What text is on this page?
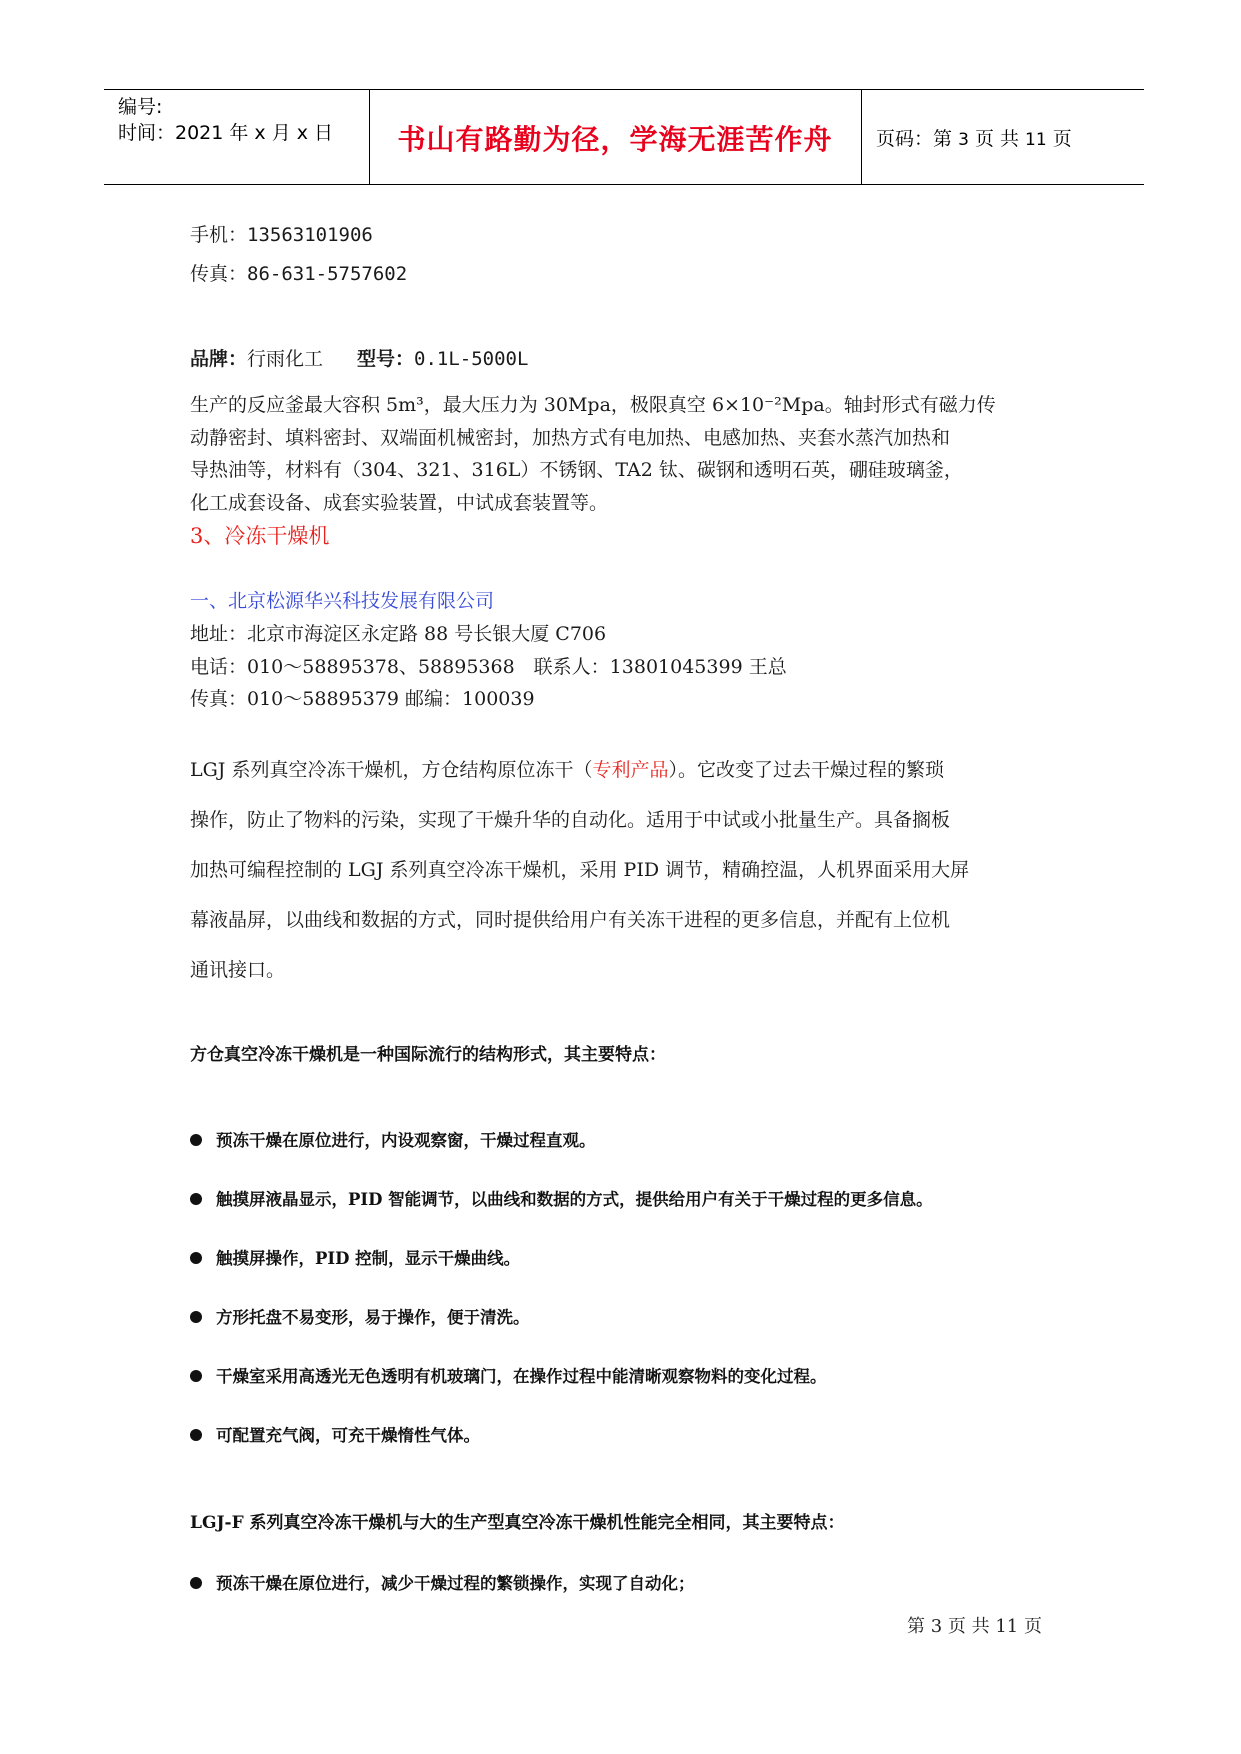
编号:
时间：2021 年 x 月 x 日	书山有路勤为径，学海无涯苦作舟	页码：第 3 页 共 11 页
手机：13563101906
传真：86-631-5757602
品牌：行雨化工 型号：0.1L-5000L
生产的反应釜最大容积 5m³，最大压力为 30Mpa，极限真空 6×10⁻²Mpa。轴封形式有磁力传
动静密封、填料密封、双端面机械密封，加热方式有电加热、电感加热、夹套水蒸汽加热和
导热油等，材料有（304、321、316L）不锈钢、TA2 钛、碳钢和透明石英，硼硅玻璃釜，
化工成套设备、成套实验装置，中试成套装置等。
3、冷冻干燥机
一、北京松源华兴科技发展有限公司
地址：北京市海淀区永定路 88 号长银大厦 C706
电话：010～58895378、58895368　联系人：13801045399 王总
传真：010～58895379 邮编：100039
LGJ 系列真空冷冻干燥机，方仓结构原位冻干（专利产品）。它改变了过去干燥过程的繁琐
操作，防止了物料的污染，实现了干燥升华的自动化。适用于中试或小批量生产。具备搁板
加热可编程控制的 LGJ 系列真空冷冻干燥机，采用 PID 调节，精确控温，人机界面采用大屏
幕液晶屏，以曲线和数据的方式，同时提供给用户有关冻干进程的更多信息，并配有上位机
通讯接口。
方仓真空冷冻干燥机是一种国际流行的结构形式，其主要特点：
预冻干燥在原位进行，内设观察窗，干燥过程直观。
触摸屏液晶显示，PID 智能调节，以曲线和数据的方式，提供给用户有关于干燥过程的更多信息。
触摸屏操作，PID 控制，显示干燥曲线。
方形托盘不易变形，易于操作，便于清洗。
干燥室采用高透光无色透明有机玻璃门，在操作过程中能清晰观察物料的变化过程。
可配置充气阀，可充干燥惰性气体。
LGJ-F 系列真空冷冻干燥机与大的生产型真空冷冻干燥机性能完全相同，其主要特点：
预冻干燥在原位进行，减少干燥过程的繁锁操作，实现了自动化；
第 3 页 共 11 页
